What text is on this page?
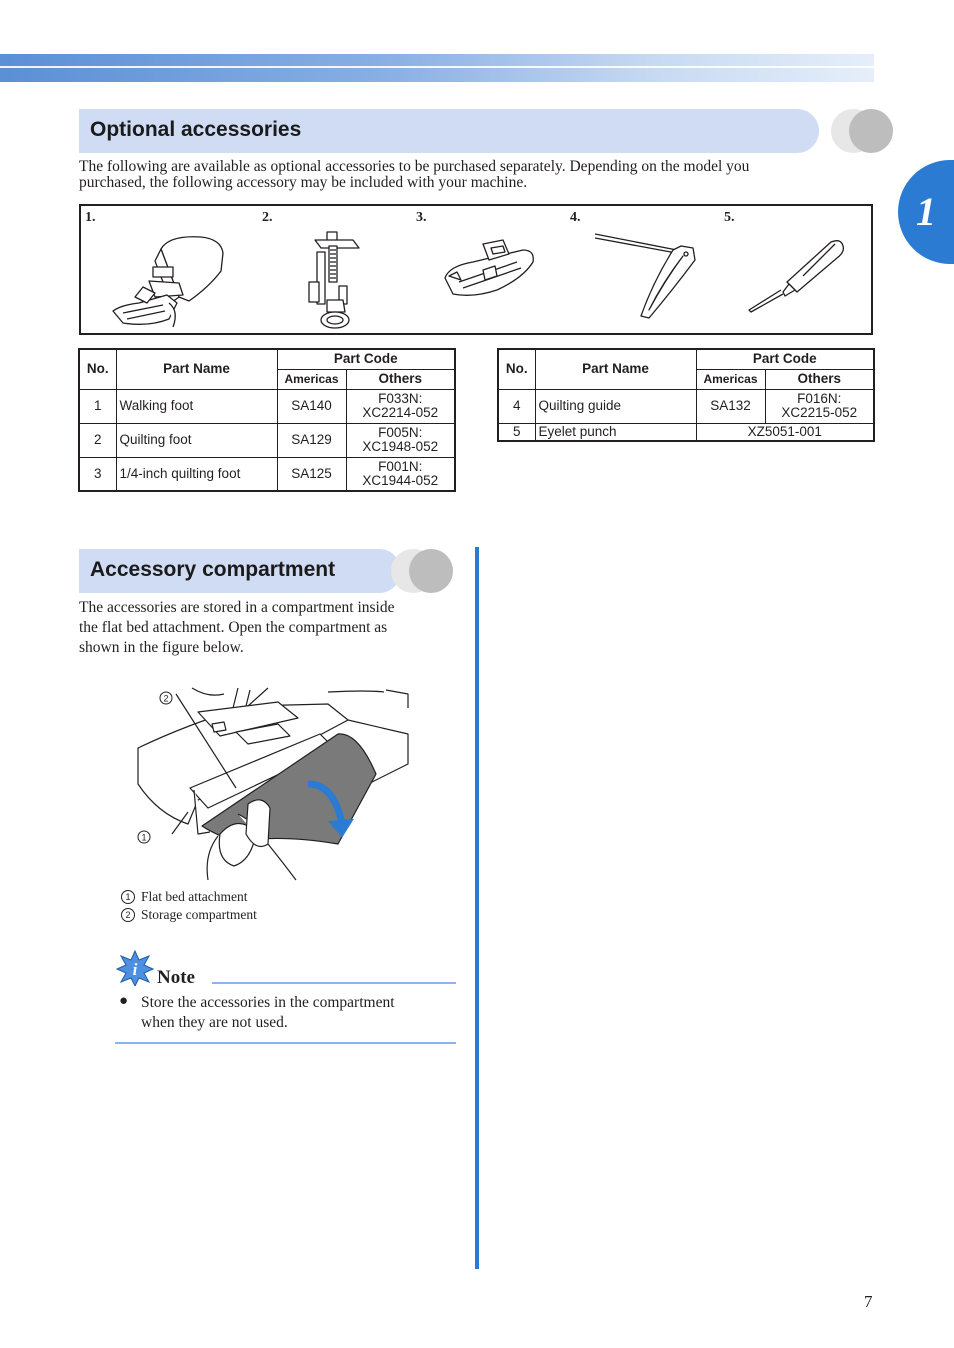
1
Optional accessories
The following are available as optional accessories to be purchased separately. Depending on the model you
purchased, the following accessory may be included with your machine.
1.	2.	3.	4.	5.
No.	Part Name	Part Code	
		Americas	Others
1	Walking foot	SA140	F033N:
XC2214-052

2	Quilting foot	SA129	F005N:
XC1948-052

3	1/4-inch quilting foot	SA125	F001N:
XC1944-052
No.	Part Name	Part Code	
		Americas	Others
4	Quilting guide	SA132	F016N:
XC2215-052

5	Eyelet punch	XZ5051-001	
Accessory compartment
The accessories are stored in a compartment inside
the flat bed attachment. Open the compartment as
shown in the figure below.
2
1
1 Flat bed attachment
2 Storage compartment
i Note
● Store the accessories in the compartment
when they are not used.
7
